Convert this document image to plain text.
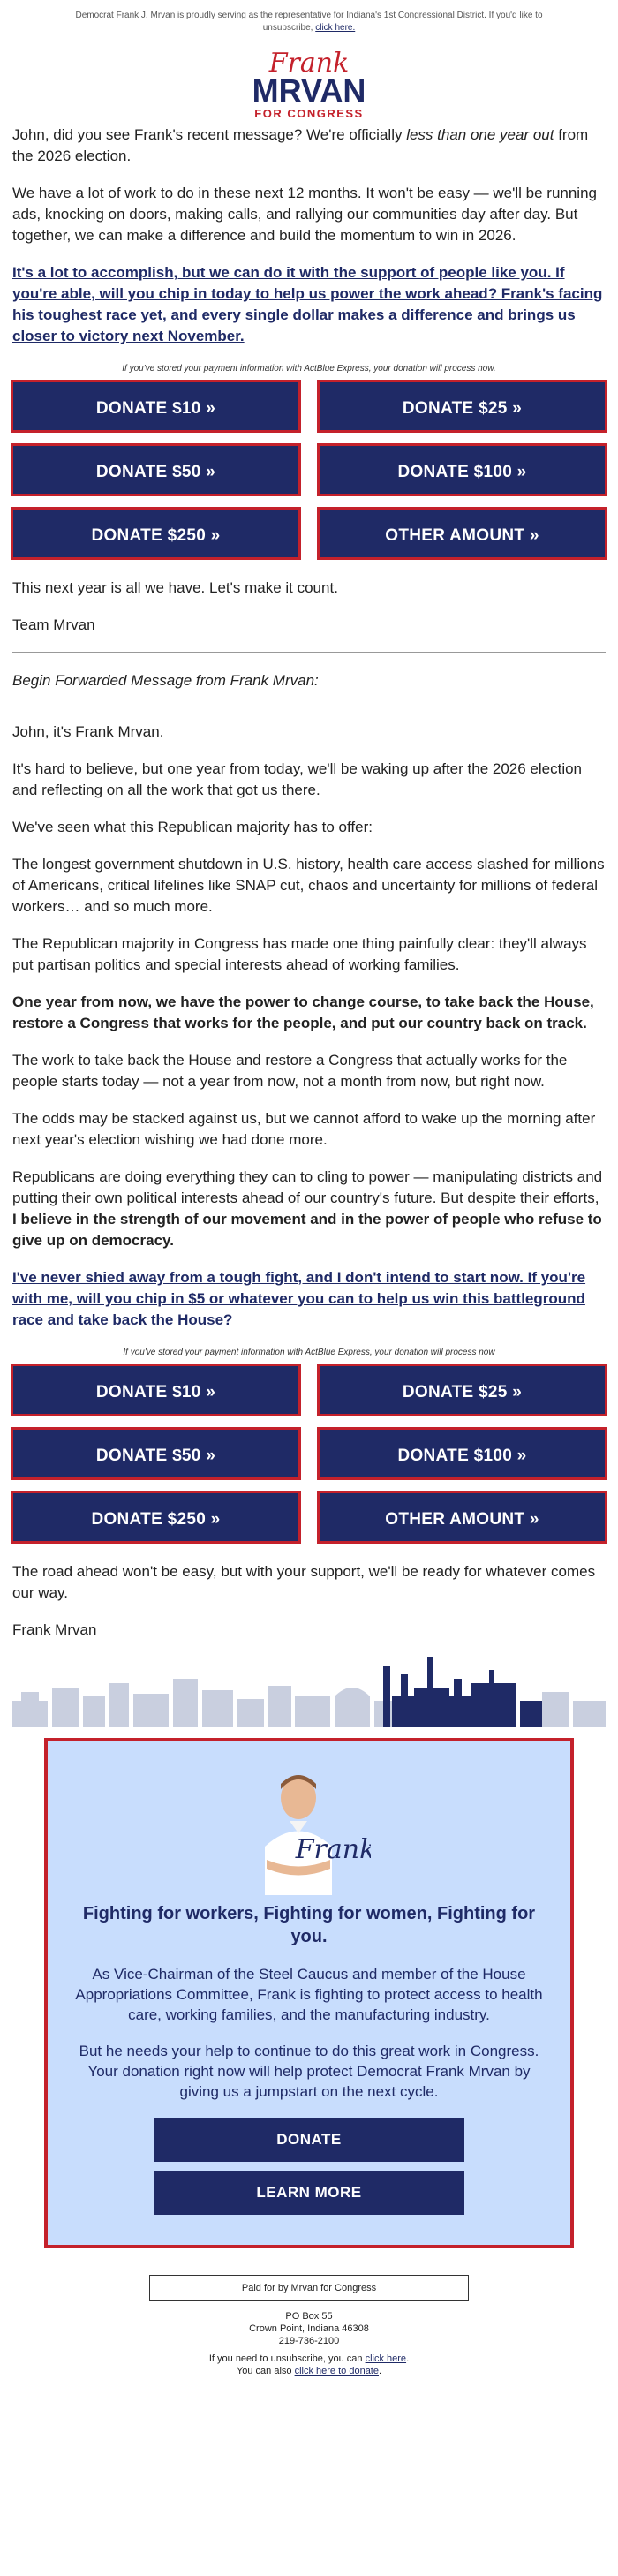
Democrat Frank J. Mrvan is proudly serving as the representative for Indiana's 1st Congressional District. If you'd like to unsubscribe, click here.
Frank
MRVAN
FOR CONGRESS

John, did you see Frank's recent message? We're officially less than one year out from the 2026 election.

We have a lot of work to do in these next 12 months. It won't be easy — we'll be running ads, knocking on doors, making calls, and rallying our communities day after day. But together, we can make a difference and build the momentum to win in 2026.

It's a lot to accomplish, but we can do it with the support of people like you. If you're able, will you chip in today to help us power the work ahead? Frank's facing his toughest race yet, and every single dollar makes a difference and brings us closer to victory next November.

If you've stored your payment information with ActBlue Express, your donation will process now.
DONATE $10 »	DONATE $25 »
DONATE $50 »	DONATE $100 »
DONATE $250 »	OTHER AMOUNT »

This next year is all we have. Let's make it count.

Team Mrvan

Begin Forwarded Message from Frank Mrvan:

John, it's Frank Mrvan.

It's hard to believe, but one year from today, we'll be waking up after the 2026 election and reflecting on all the work that got us there.

We've seen what this Republican majority has to offer:

The longest government shutdown in U.S. history, health care access slashed for millions of Americans, critical lifelines like SNAP cut, chaos and uncertainty for millions of federal workers… and so much more.

The Republican majority in Congress has made one thing painfully clear: they'll always put partisan politics and special interests ahead of working families.

One year from now, we have the power to change course, to take back the House, restore a Congress that works for the people, and put our country back on track.

The work to take back the House and restore a Congress that actually works for the people starts today — not a year from now, not a month from now, but right now.

The odds may be stacked against us, but we cannot afford to wake up the morning after next year's election wishing we had done more.

Republicans are doing everything they can to cling to power — manipulating districts and putting their own political interests ahead of our country's future. But despite their efforts, I believe in the strength of our movement and in the power of people who refuse to give up on democracy.

I've never shied away from a tough fight, and I don't intend to start now. If you're with me, will you chip in $5 or whatever you can to help us win this battleground race and take back the House?

If you've stored your payment information with ActBlue Express, your donation will process now
DONATE $10 »	DONATE $25 »
DONATE $50 »	DONATE $100 »
DONATE $250 »	OTHER AMOUNT »

The road ahead won't be easy, but with your support, we'll be ready for whatever comes our way.

Frank Mrvan

Frank
Fighting for workers, Fighting for women, Fighting for you.

As Vice-Chairman of the Steel Caucus and member of the House Appropriations Committee, Frank is fighting to protect access to health care, working families, and the manufacturing industry.

But he needs your help to continue to do this great work in Congress. Your donation right now will help protect Democrat Frank Mrvan by giving us a jumpstart on the next cycle.

DONATE
LEARN MORE
Paid for by Mrvan for Congress
PO Box 55
Crown Point, Indiana 46308
219-736-2100
If you need to unsubscribe, you can click here.
You can also click here to donate.
